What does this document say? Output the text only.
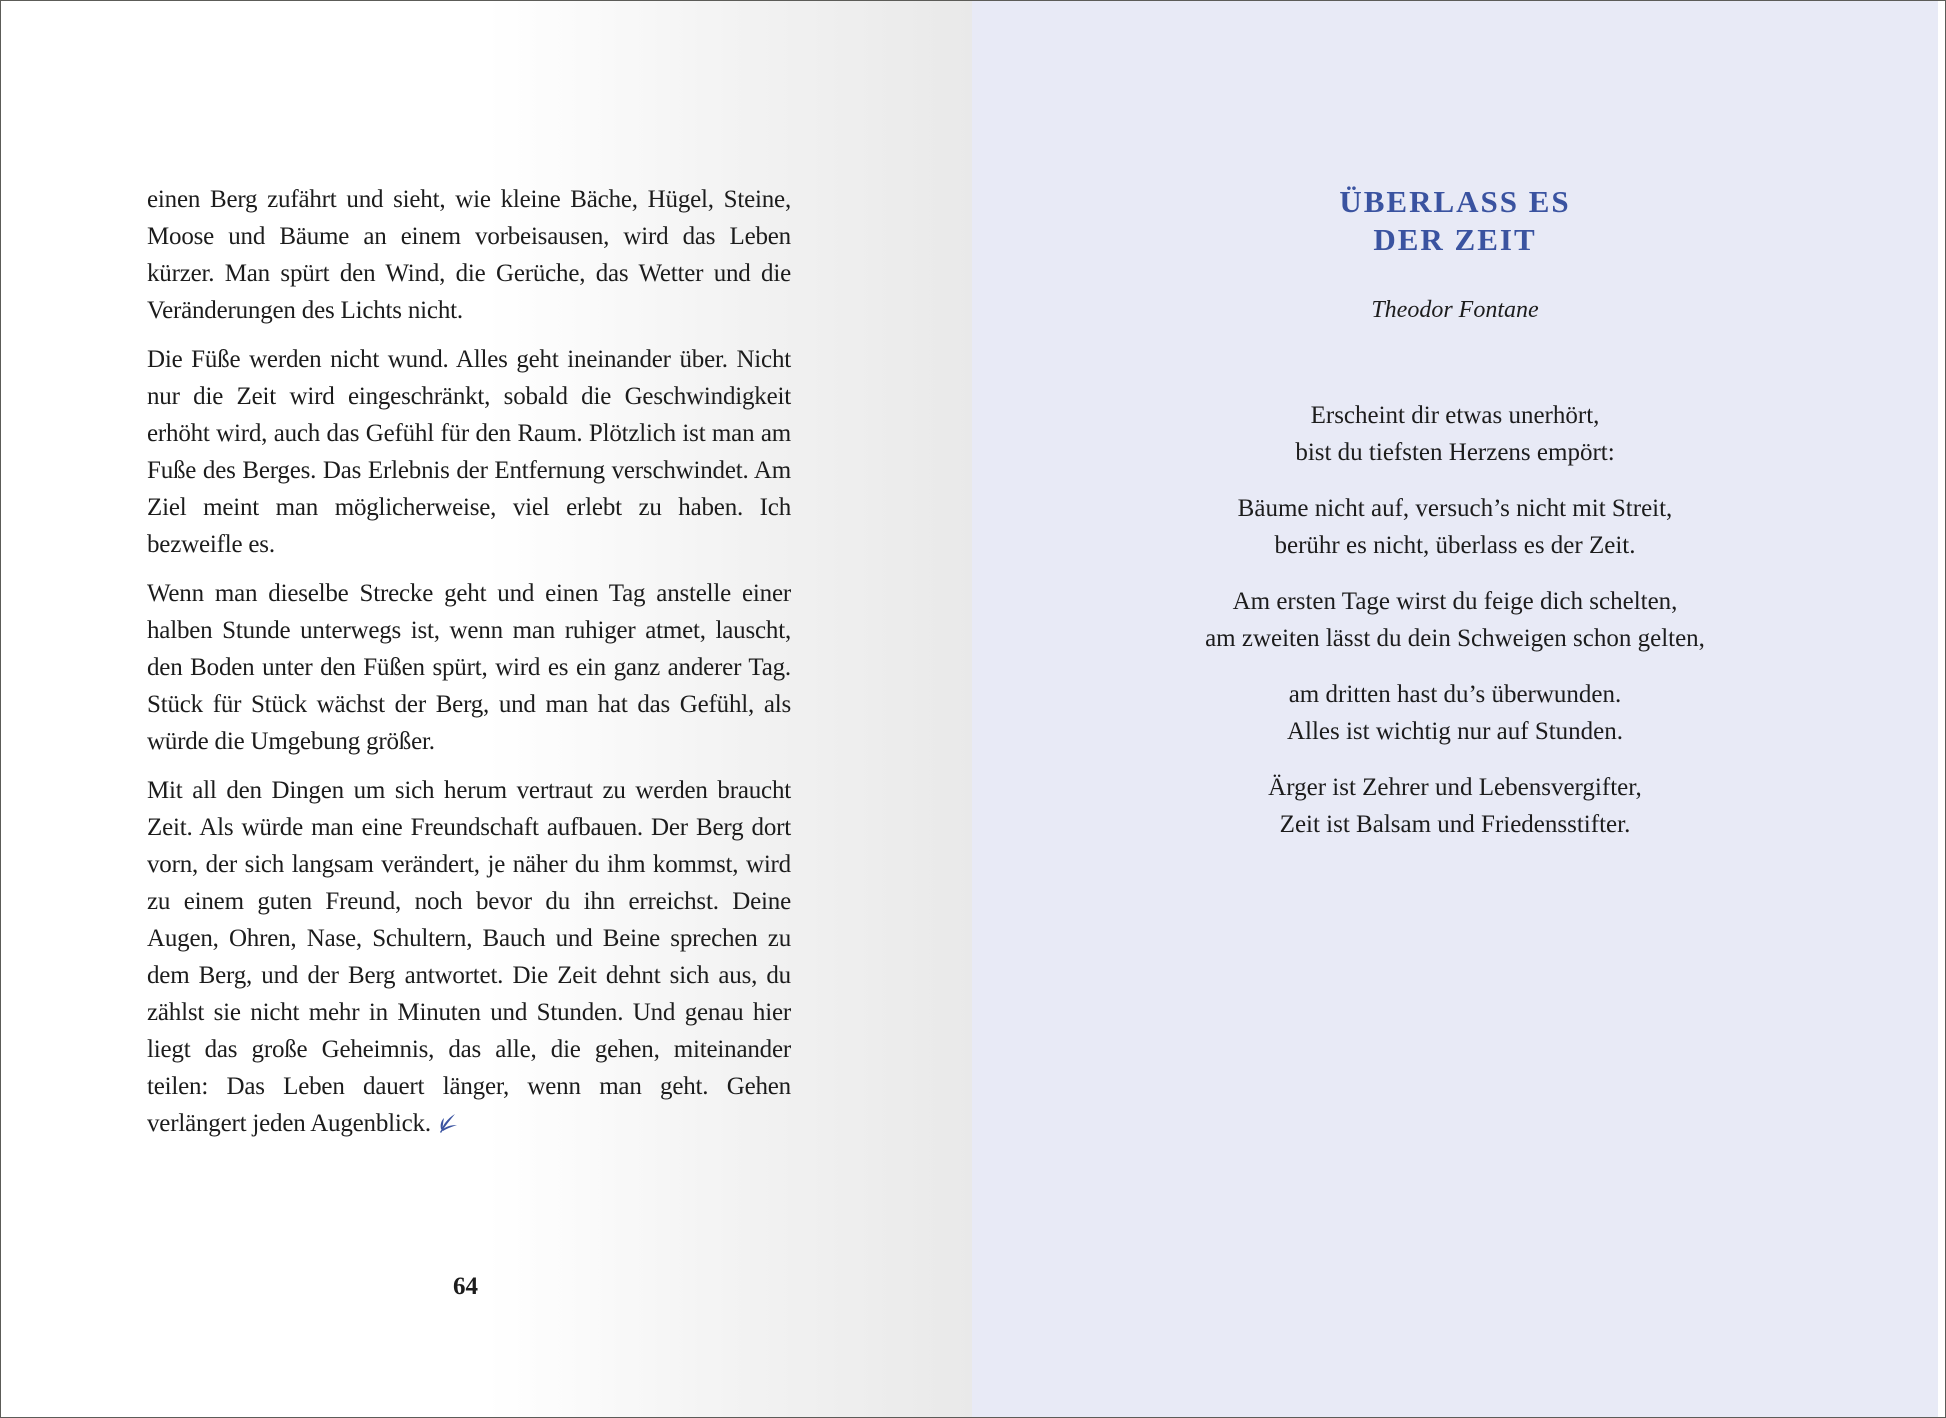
einen Berg zufährt und sieht, wie kleine Bäche, Hügel, Steine, Moose und Bäume an einem vorbeisausen, wird das Leben kürzer. Man spürt den Wind, die Gerüche, das Wetter und die Veränderungen des Lichts nicht.

Die Füße werden nicht wund. Alles geht ineinander über. Nicht nur die Zeit wird eingeschränkt, sobald die Geschwindigkeit erhöht wird, auch das Gefühl für den Raum. Plötzlich ist man am Fuße des Berges. Das Erlebnis der Entfernung verschwindet. Am Ziel meint man möglicherweise, viel erlebt zu haben. Ich bezweifle es.

Wenn man dieselbe Strecke geht und einen Tag anstelle einer halben Stunde unterwegs ist, wenn man ruhiger atmet, lauscht, den Boden unter den Füßen spürt, wird es ein ganz anderer Tag. Stück für Stück wächst der Berg, und man hat das Gefühl, als würde die Umgebung größer.

Mit all den Dingen um sich herum vertraut zu werden braucht Zeit. Als würde man eine Freundschaft aufbauen. Der Berg dort vorn, der sich langsam verändert, je näher du ihm kommst, wird zu einem guten Freund, noch bevor du ihn erreichst. Deine Augen, Ohren, Nase, Schultern, Bauch und Beine sprechen zu dem Berg, und der Berg antwortet. Die Zeit dehnt sich aus, du zählst sie nicht mehr in Minuten und Stunden. Und genau hier liegt das große Geheimnis, das alle, die gehen, miteinander teilen: Das Leben dauert länger, wenn man geht. Gehen verlängert jeden Augenblick.

64
ÜBERLASS ES
DER ZEIT
Theodor Fontane
Erscheint dir etwas unerhört,
bist du tiefsten Herzens empört:
Bäume nicht auf, versuch’s nicht mit Streit,
berühr es nicht, überlass es der Zeit.
Am ersten Tage wirst du feige dich schelten,
am zweiten lässt du dein Schweigen schon gelten,
am dritten hast du’s überwunden.
Alles ist wichtig nur auf Stunden.
Ärger ist Zehrer und Lebensvergifter,
Zeit ist Balsam und Friedensstifter.
